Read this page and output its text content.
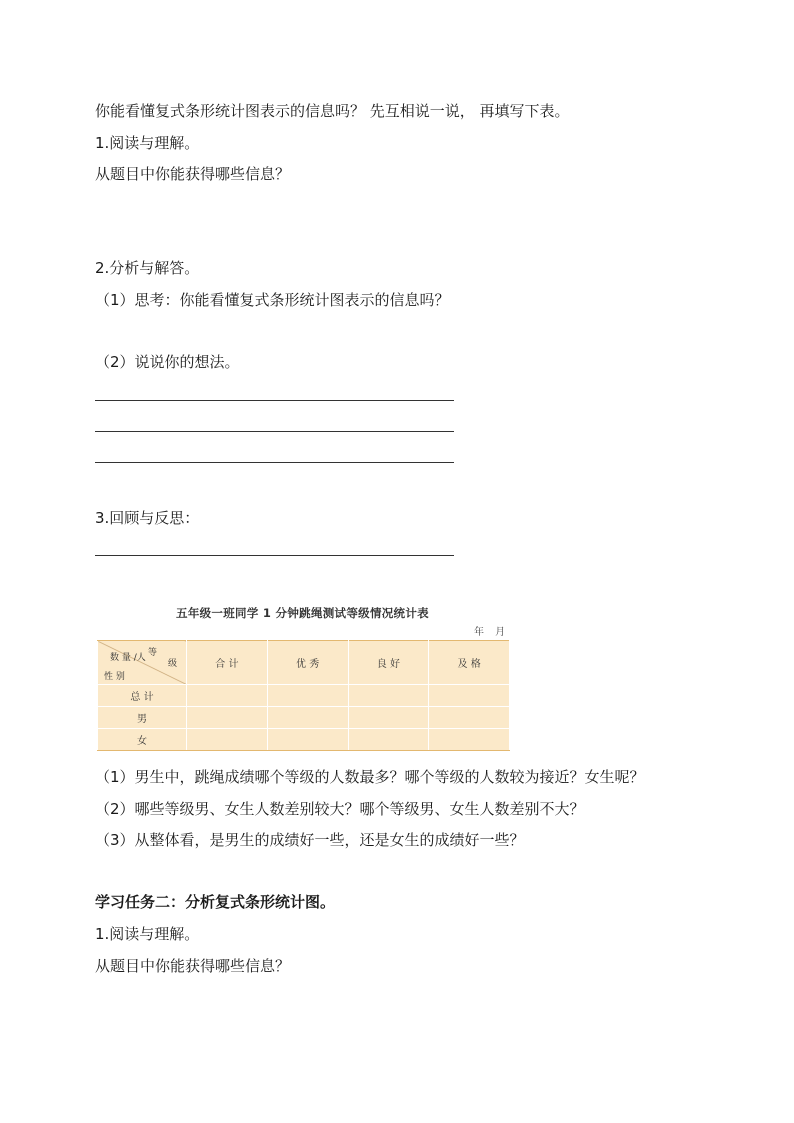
你能看懂复式条形统计图表示的信息吗？ 先互相说一说， 再填写下表。
1.阅读与理解。
从题目中你能获得哪些信息？
2.分析与解答。
（1）思考：你能看懂复式条形统计图表示的信息吗？
（2）说说你的想法。
3.回顾与反思：
五年级一班同学 1 分钟跳绳测试等级情况统计表
年 月
等
级
数 量 /人
性 别	合 计	优 秀	良 好	及 格
总 计				
男				
女				
（1）男生中，跳绳成绩哪个等级的人数最多？哪个等级的人数较为接近？女生呢？
（2）哪些等级男、女生人数差别较大？哪个等级男、女生人数差别不大？
（3）从整体看，是男生的成绩好一些，还是女生的成绩好一些？
学习任务二：分析复式条形统计图。
1.阅读与理解。
从题目中你能获得哪些信息？
